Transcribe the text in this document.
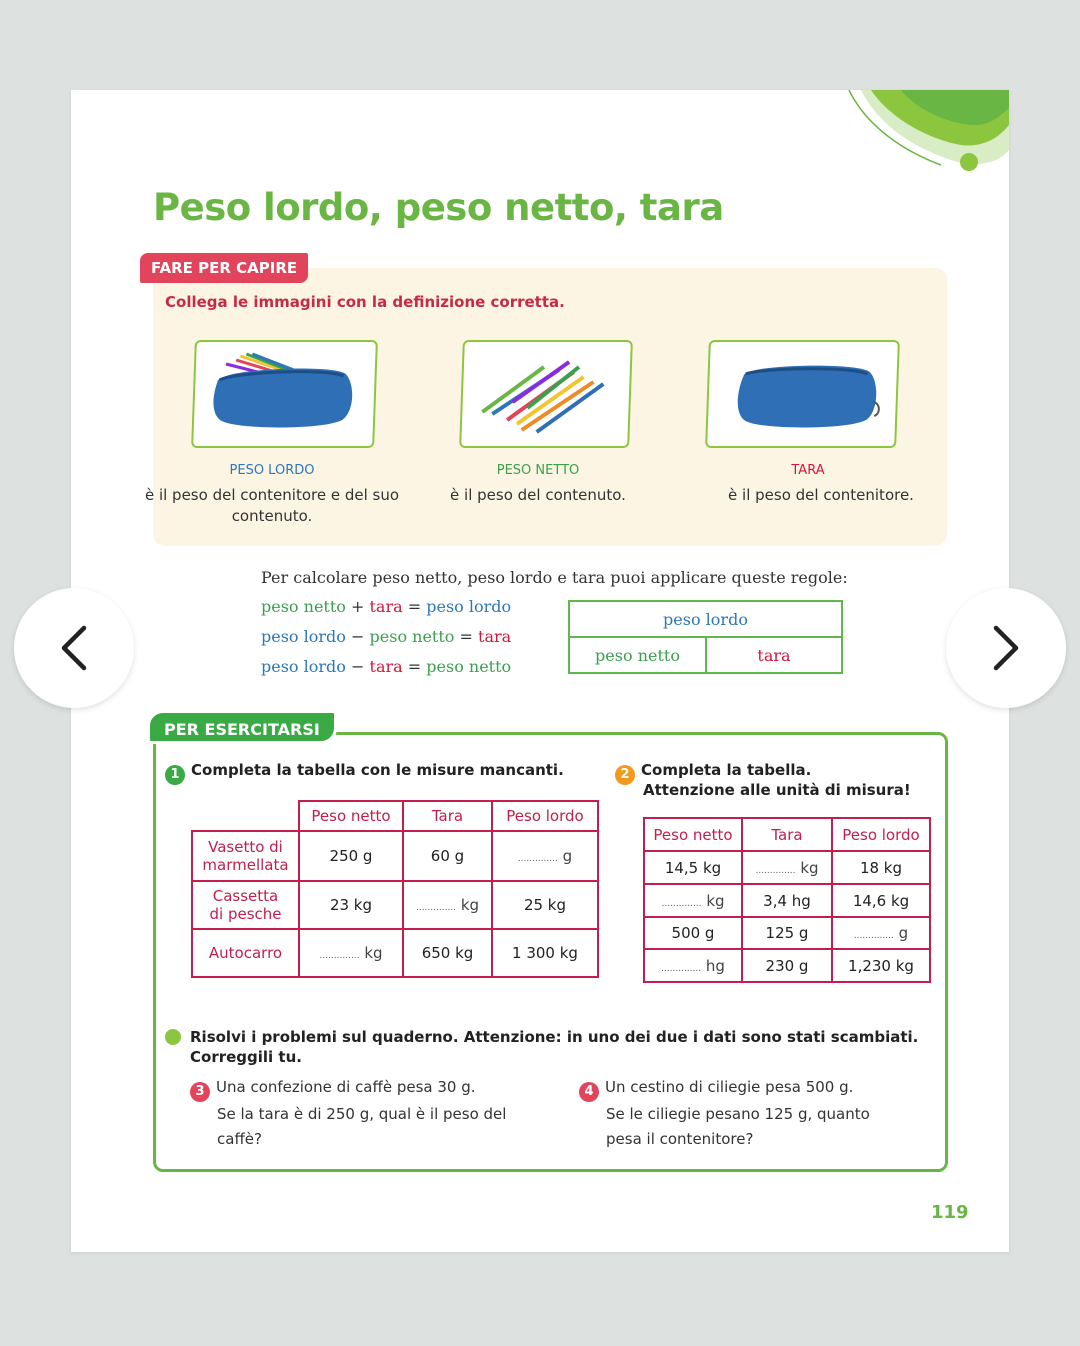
Peso lordo, peso netto, tara
FARE PER CAPIRE
Collega le immagini con la definizione corretta.
PESO LORDO
è il peso del contenitore e del suo contenuto.
PESO NETTO
è il peso del contenuto.
TARA
è il peso del contenitore.
Per calcolare peso netto, peso lordo e tara puoi applicare queste regole:
peso netto + tara = peso lordo
peso lordo − peso netto = tara
peso lordo − tara = peso netto
peso lordo
peso netto	tara
PER ESERCITARSI
1 Completa la tabella con le misure mancanti.
	Peso netto	Tara	Peso lordo
Vasetto di
marmellata	250 g	60 g	.............. g
Cassetta
di pesche	23 kg	.............. kg	25 kg
Autocarro	.............. kg	650 kg	1 300 kg
2 Completa la tabella.
Attenzione alle unità di misura!
Peso netto	Tara	Peso lordo
14,5 kg	.............. kg	18 kg
.............. kg	3,4 hg	14,6 kg
500 g	125 g	.............. g
.............. hg	230 g	1,230 kg
Risolvi i problemi sul quaderno. Attenzione: in uno dei due i dati sono stati scambiati.
Correggili tu.
3 Una confezione di caffè pesa 30 g.
Se la tara è di 250 g, qual è il peso del
caffè?
4 Un cestino di ciliegie pesa 500 g.
Se le ciliegie pesano 125 g, quanto
pesa il contenitore?
119
